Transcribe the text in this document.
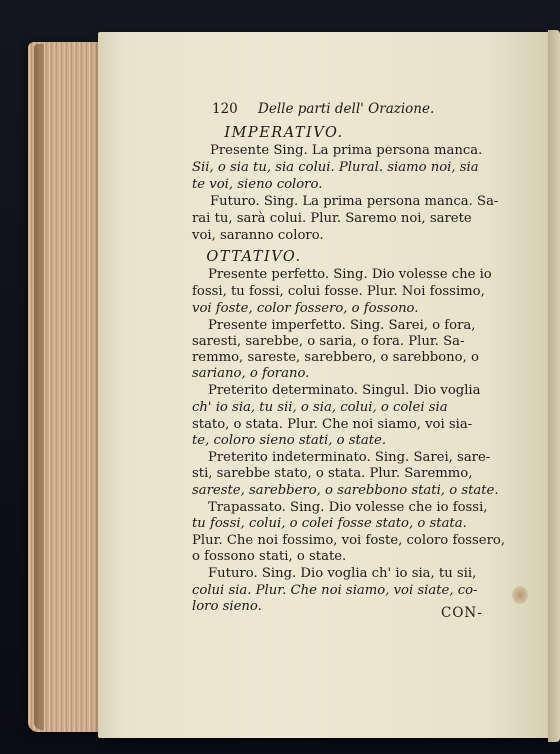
120 Delle parti dell' Orazione.
IMPERATIVO.
Presente Sing. La prima persona manca.
Sii, o sia tu, sia colui. Plural. siamo noi, sia
te voi, sieno coloro.
Futuro. Sing. La prima persona manca. Sa-
rai tu, sarà colui. Plur. Saremo noi, sarete
voi, saranno coloro.
OTTATIVO.
Presente perfetto. Sing. Dio volesse che io
fossi, tu fossi, colui fosse. Plur. Noi fossimo,
voi foste, color fossero, o fossono.
Presente imperfetto. Sing. Sarei, o fora,
saresti, sarebbe, o saria, o fora. Plur. Sa-
remmo, sareste, sarebbero, o sarebbono, o
sariano, o forano.
Preterito determinato. Singul. Dio voglia
ch' io sia, tu sii, o sia, colui, o colei sia
stato, o stata. Plur. Che noi siamo, voi sia-
te, coloro sieno stati, o state.
Preterito indeterminato. Sing. Sarei, sare-
sti, sarebbe stato, o stata. Plur. Saremmo,
sareste, sarebbero, o sarebbono stati, o state.
Trapassato. Sing. Dio volesse che io fossi,
tu fossi, colui, o colei fosse stato, o stata.
Plur. Che noi fossimo, voi foste, coloro fossero,
o fossono stati, o state.
Futuro. Sing. Dio voglia ch' io sia, tu sii,
colui sia. Plur. Che noi siamo, voi siate, co-
loro sieno.	CON-
